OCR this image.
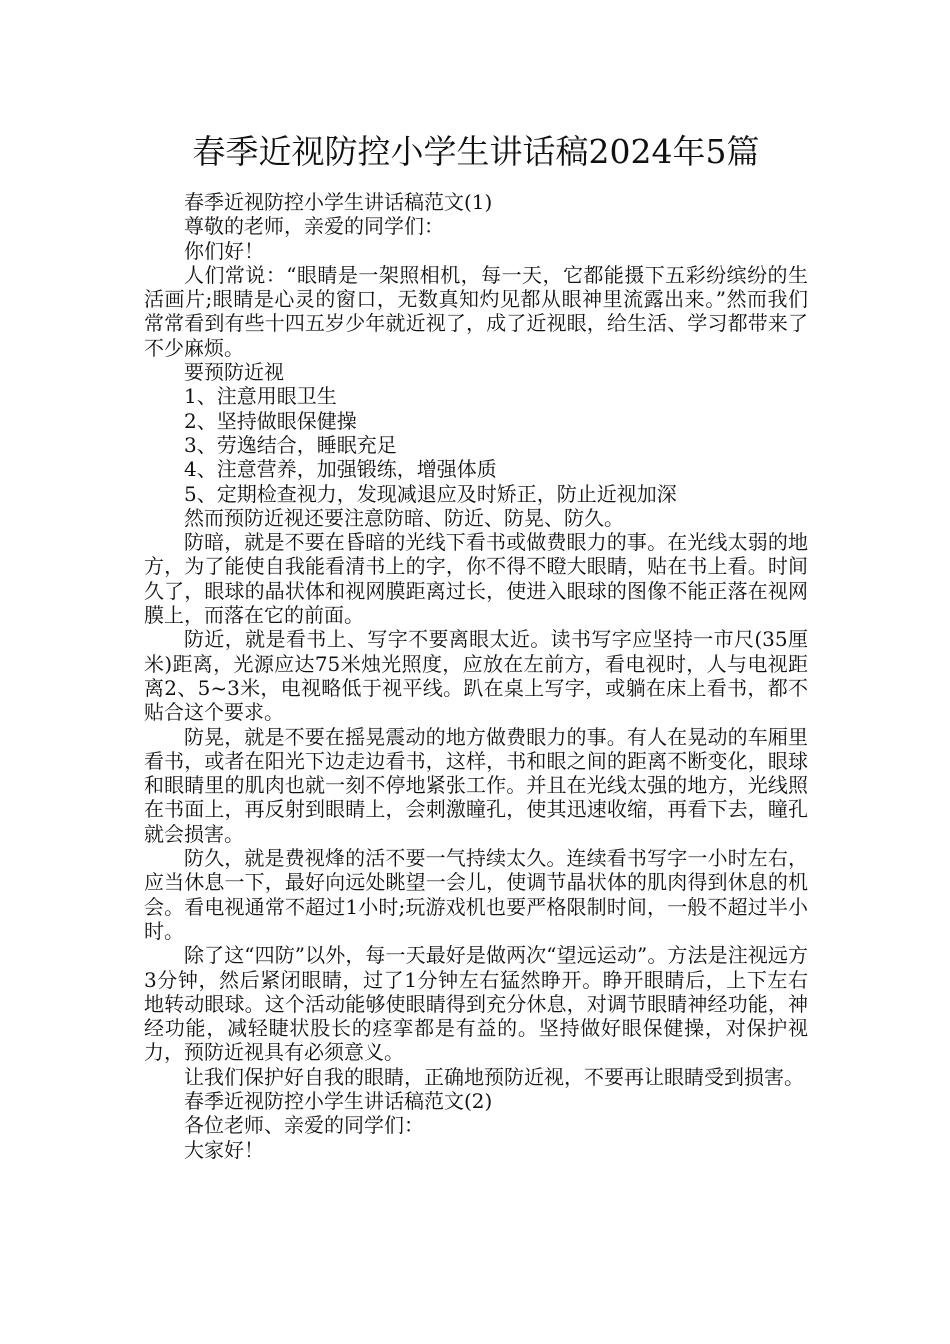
春季近视防控小学生讲话稿2024年5篇

春季近视防控小学生讲话稿范文(1)

尊敬的老师，亲爱的同学们：

你们好！

人们常说：“眼睛是一架照相机，每一天，它都能摄下五彩纷缤纷的生活画片;眼睛是心灵的窗口，无数真知灼见都从眼神里流露出来。”然而我们常常看到有些十四五岁少年就近视了，成了近视眼，给生活、学习都带来了不少麻烦。

要预防近视

1、注意用眼卫生

2、坚持做眼保健操

3、劳逸结合，睡眠充足

4、注意营养，加强锻练，增强体质

5、定期检查视力，发现减退应及时矫正，防止近视加深

然而预防近视还要注意防暗、防近、防晃、防久。

防暗，就是不要在昏暗的光线下看书或做费眼力的事。在光线太弱的地方，为了能使自我能看清书上的字，你不得不瞪大眼睛，贴在书上看。时间久了，眼球的晶状体和视网膜距离过长，使进入眼球的图像不能正落在视网膜上，而落在它的前面。

防近，就是看书上、写字不要离眼太近。读书写字应坚持一市尺(35厘米)距离，光源应达75米烛光照度，应放在左前方，看电视时，人与电视距离2、5~3米，电视略低于视平线。趴在桌上写字，或躺在床上看书，都不贴合这个要求。

防晃，就是不要在摇晃震动的地方做费眼力的事。有人在晃动的车厢里看书，或者在阳光下边走边看书，这样，书和眼之间的距离不断变化，眼球和眼睛里的肌肉也就一刻不停地紧张工作。并且在光线太强的地方，光线照在书面上，再反射到眼睛上，会刺激瞳孔，使其迅速收缩，再看下去，瞳孔就会损害。

防久，就是费视烽的活不要一气持续太久。连续看书写字一小时左右，应当休息一下，最好向远处眺望一会儿，使调节晶状体的肌肉得到休息的机会。看电视通常不超过1小时;玩游戏机也要严格限制时间，一般不超过半小时。

除了这“四防”以外，每一天最好是做两次“望远运动”。方法是注视远方3分钟，然后紧闭眼睛，过了1分钟左右猛然睁开。睁开眼睛后，上下左右地转动眼球。这个活动能够使眼睛得到充分休息，对调节眼睛神经功能，神经功能，减轻睫状股长的痉挛都是有益的。坚持做好眼保健操，对保护视力，预防近视具有必须意义。

让我们保护好自我的眼睛，正确地预防近视，不要再让眼睛受到损害。

春季近视防控小学生讲话稿范文(2)

各位老师、亲爱的同学们：

大家好！
